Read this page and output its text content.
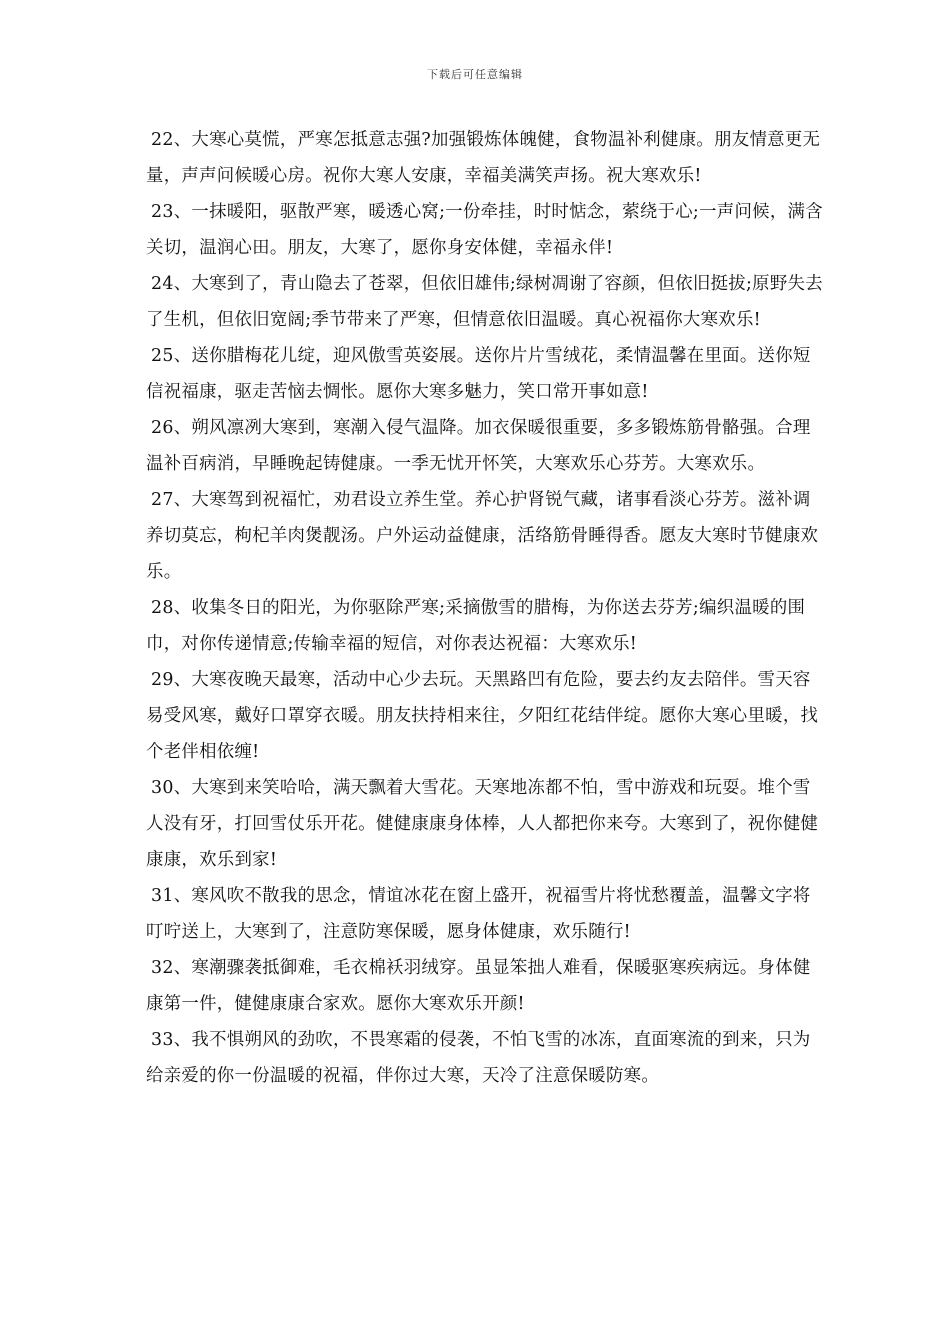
下载后可任意编辑

22、大寒心莫慌，严寒怎抵意志强?加强锻炼体魄健，食物温补利健康。朋友情意更无量，声声问候暖心房。祝你大寒人安康，幸福美满笑声扬。祝大寒欢乐!

23、一抹暖阳，驱散严寒，暖透心窝;一份牵挂，时时惦念，萦绕于心;一声问候，满含关切，温润心田。朋友，大寒了，愿你身安体健，幸福永伴!

24、大寒到了，青山隐去了苍翠，但依旧雄伟;绿树凋谢了容颜，但依旧挺拔;原野失去了生机，但依旧宽阔;季节带来了严寒，但情意依旧温暖。真心祝福你大寒欢乐!

25、送你腊梅花儿绽，迎风傲雪英姿展。送你片片雪绒花，柔情温馨在里面。送你短信祝福康，驱走苦恼去惆怅。愿你大寒多魅力，笑口常开事如意!

26、朔风凛冽大寒到，寒潮入侵气温降。加衣保暖很重要，多多锻炼筋骨骼强。合理温补百病消，早睡晚起铸健康。一季无忧开怀笑，大寒欢乐心芬芳。大寒欢乐。

27、大寒驾到祝福忙，劝君设立养生堂。养心护肾锐气藏，诸事看淡心芬芳。滋补调养切莫忘，枸杞羊肉煲靓汤。户外运动益健康，活络筋骨睡得香。愿友大寒时节健康欢乐。

28、收集冬日的阳光，为你驱除严寒;采摘傲雪的腊梅，为你送去芬芳;编织温暖的围巾，对你传递情意;传输幸福的短信，对你表达祝福：大寒欢乐!

29、大寒夜晚天最寒，活动中心少去玩。天黑路凹有危险，要去约友去陪伴。雪天容易受风寒，戴好口罩穿衣暖。朋友扶持相来往，夕阳红花结伴绽。愿你大寒心里暖，找个老伴相依缠!

30、大寒到来笑哈哈，满天飘着大雪花。天寒地冻都不怕，雪中游戏和玩耍。堆个雪人没有牙，打回雪仗乐开花。健健康康身体棒，人人都把你来夸。大寒到了，祝你健健康康，欢乐到家!

31、寒风吹不散我的思念，情谊冰花在窗上盛开，祝福雪片将忧愁覆盖，温馨文字将叮咛送上，大寒到了，注意防寒保暖，愿身体健康，欢乐随行!

32、寒潮骤袭抵御难，毛衣棉袄羽绒穿。虽显笨拙人难看，保暖驱寒疾病远。身体健康第一件，健健康康合家欢。愿你大寒欢乐开颜!

33、我不惧朔风的劲吹，不畏寒霜的侵袭，不怕飞雪的冰冻，直面寒流的到来，只为给亲爱的你一份温暖的祝福，伴你过大寒，天冷了注意保暖防寒。
